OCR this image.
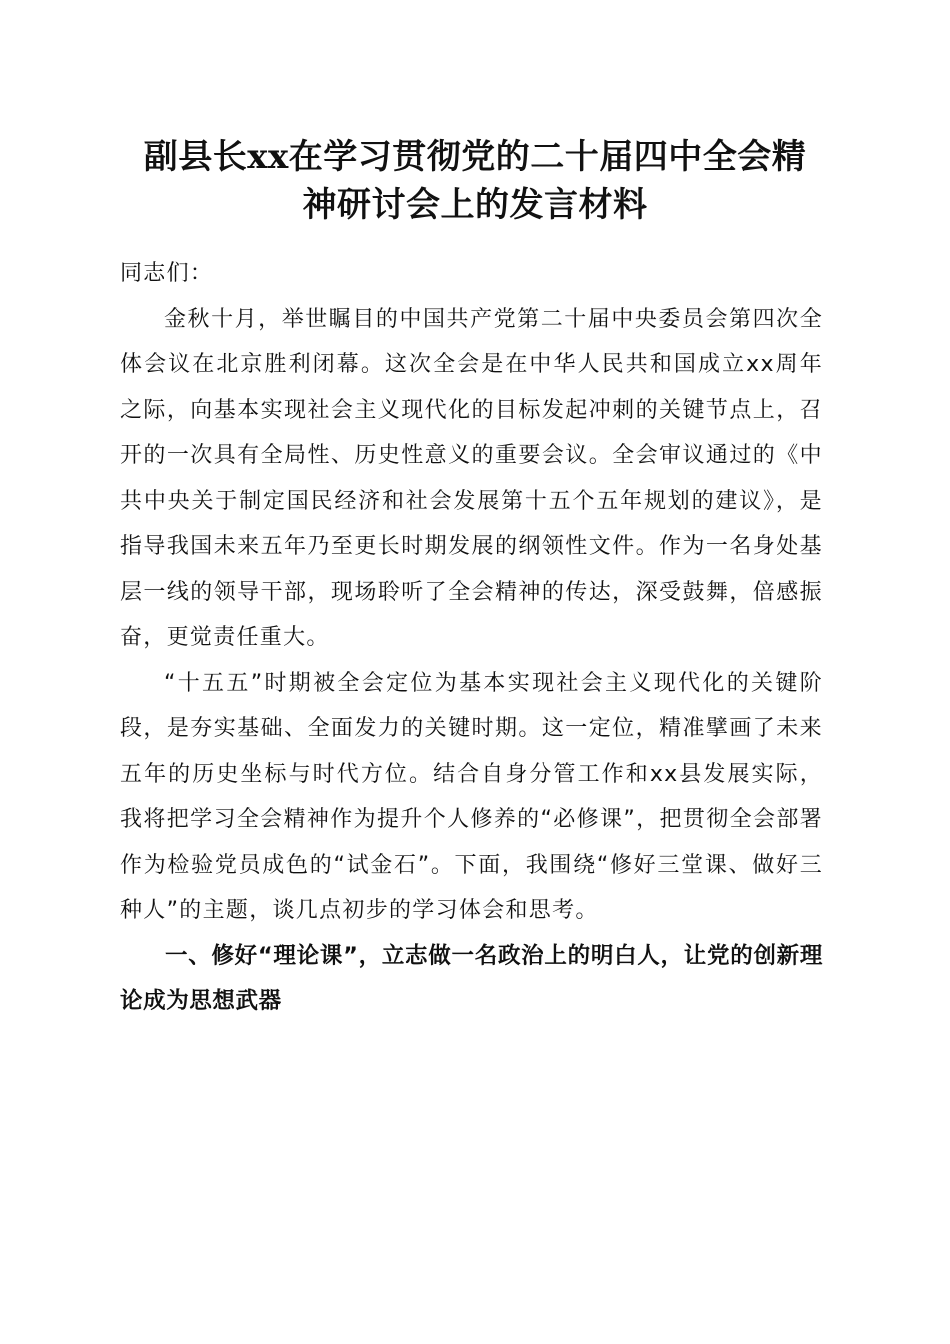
副县长xx在学习贯彻党的二十届四中全会精
神研讨会上的发言材料

同志们：

金秋十月，举世瞩目的中国共产党第二十届中央委员会第四次全体会议在北京胜利闭幕。这次全会是在中华人民共和国成立xx周年之际，向基本实现社会主义现代化的目标发起冲刺的关键节点上，召开的一次具有全局性、历史性意义的重要会议。全会审议通过的《中共中央关于制定国民经济和社会发展第十五个五年规划的建议》，是指导我国未来五年乃至更长时期发展的纲领性文件。作为一名身处基层一线的领导干部，现场聆听了全会精神的传达，深受鼓舞，倍感振奋，更觉责任重大。

“十五五”时期被全会定位为基本实现社会主义现代化的关键阶段，是夯实基础、全面发力的关键时期。这一定位，精准擘画了未来五年的历史坐标与时代方位。结合自身分管工作和xx县发展实际，我将把学习全会精神作为提升个人修养的“必修课”，把贯彻全会部署作为检验党员成色的“试金石”。下面，我围绕“修好三堂课、做好三种人”的主题，谈几点初步的学习体会和思考。

一、修好“理论课”，立志做一名政治上的明白人，让党的创新理论成为思想武器
